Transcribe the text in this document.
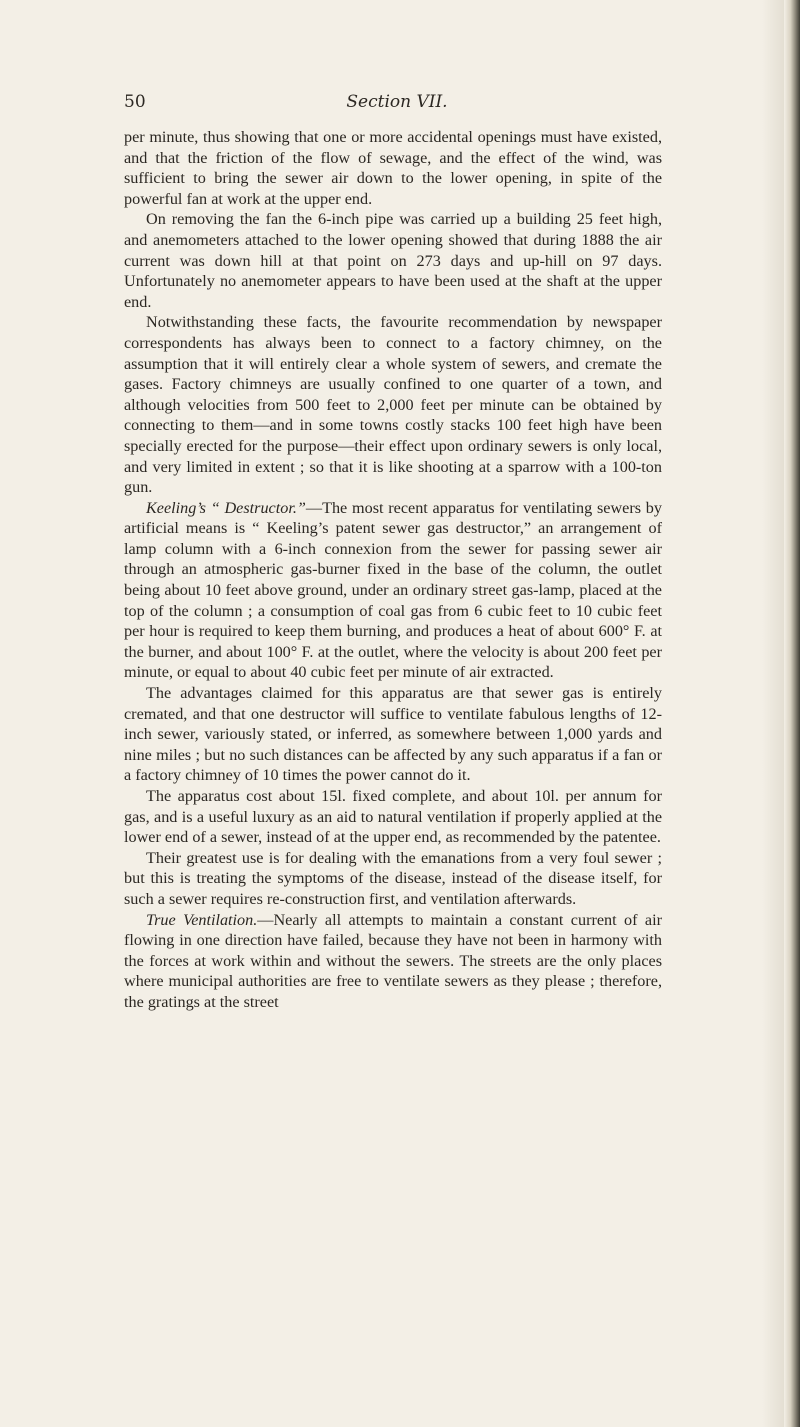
50	Section VII.

per minute, thus showing that one or more accidental openings must have existed, and that the friction of the flow of sewage, and the effect of the wind, was sufficient to bring the sewer air down to the lower opening, in spite of the powerful fan at work at the upper end.

On removing the fan the 6-inch pipe was carried up a building 25 feet high, and anemometers attached to the lower opening showed that during 1888 the air current was down hill at that point on 273 days and up-hill on 97 days. Unfortunately no anemometer appears to have been used at the shaft at the upper end.

Notwithstanding these facts, the favourite recommendation by newspaper correspondents has always been to connect to a factory chimney, on the assumption that it will entirely clear a whole system of sewers, and cremate the gases. Factory chimneys are usually confined to one quarter of a town, and although velocities from 500 feet to 2,000 feet per minute can be obtained by connecting to them—and in some towns costly stacks 100 feet high have been specially erected for the purpose—their effect upon ordinary sewers is only local, and very limited in extent ; so that it is like shooting at a sparrow with a 100-ton gun.

Keeling’s “ Destructor.”—The most recent apparatus for ventilating sewers by artificial means is “ Keeling’s patent sewer gas destructor,” an arrangement of lamp column with a 6-inch connexion from the sewer for passing sewer air through an atmospheric gas-burner fixed in the base of the column, the outlet being about 10 feet above ground, under an ordinary street gas-lamp, placed at the top of the column ; a consumption of coal gas from 6 cubic feet to 10 cubic feet per hour is required to keep them burning, and produces a heat of about 600° F. at the burner, and about 100° F. at the outlet, where the velocity is about 200 feet per minute, or equal to about 40 cubic feet per minute of air extracted.

The advantages claimed for this apparatus are that sewer gas is entirely cremated, and that one destructor will suffice to ventilate fabulous lengths of 12-inch sewer, variously stated, or inferred, as somewhere between 1,000 yards and nine miles ; but no such distances can be affected by any such apparatus if a fan or a factory chimney of 10 times the power cannot do it.

The apparatus cost about 15l. fixed complete, and about 10l. per annum for gas, and is a useful luxury as an aid to natural ventilation if properly applied at the lower end of a sewer, instead of at the upper end, as recommended by the patentee.

Their greatest use is for dealing with the emanations from a very foul sewer ; but this is treating the symptoms of the disease, instead of the disease itself, for such a sewer requires re-construction first, and ventilation afterwards.

True Ventilation.—Nearly all attempts to maintain a constant current of air flowing in one direction have failed, because they have not been in harmony with the forces at work within and without the sewers. The streets are the only places where municipal authorities are free to ventilate sewers as they please ; therefore, the gratings at the street
